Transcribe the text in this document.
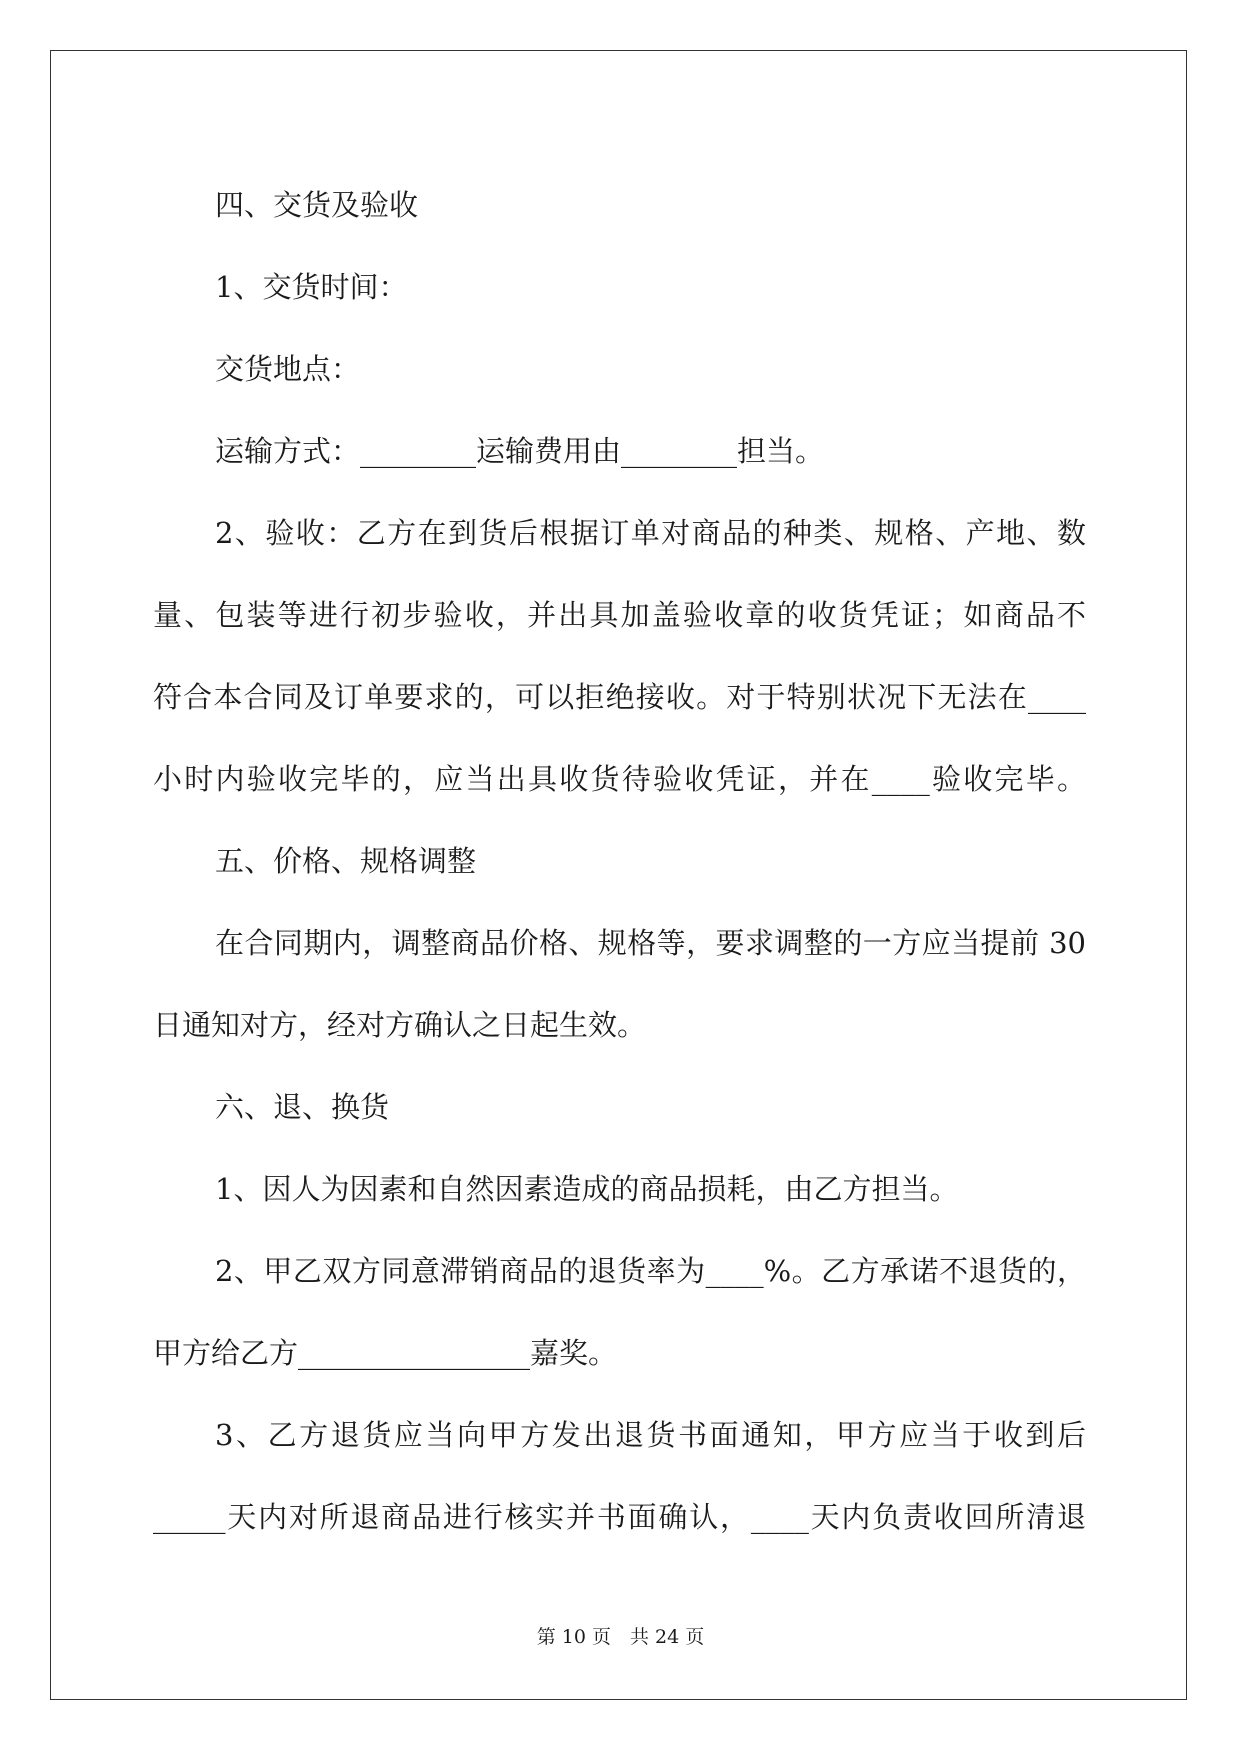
四、交货及验收

1、交货时间：

交货地点：

运输方式：________运输费用由________担当。

2、验收：乙方在到货后根据订单对商品的种类、规格、产地、数

量、包装等进行初步验收，并出具加盖验收章的收货凭证；如商品不

符合本合同及订单要求的，可以拒绝接收。对于特别状况下无法在____

小时内验收完毕的，应当出具收货待验收凭证，并在____验收完毕。

五、价格、规格调整

在合同期内，调整商品价格、规格等，要求调整的一方应当提前 30

日通知对方，经对方确认之日起生效。

六、退、换货

1、因人为因素和自然因素造成的商品损耗，由乙方担当。

2、甲乙双方同意滞销商品的退货率为____%。乙方承诺不退货的，

甲方给乙方________________嘉奖。

3、乙方退货应当向甲方发出退货书面通知，甲方应当于收到后

_____天内对所退商品进行核实并书面确认，____天内负责收回所清退

第 10 页　共 24 页
